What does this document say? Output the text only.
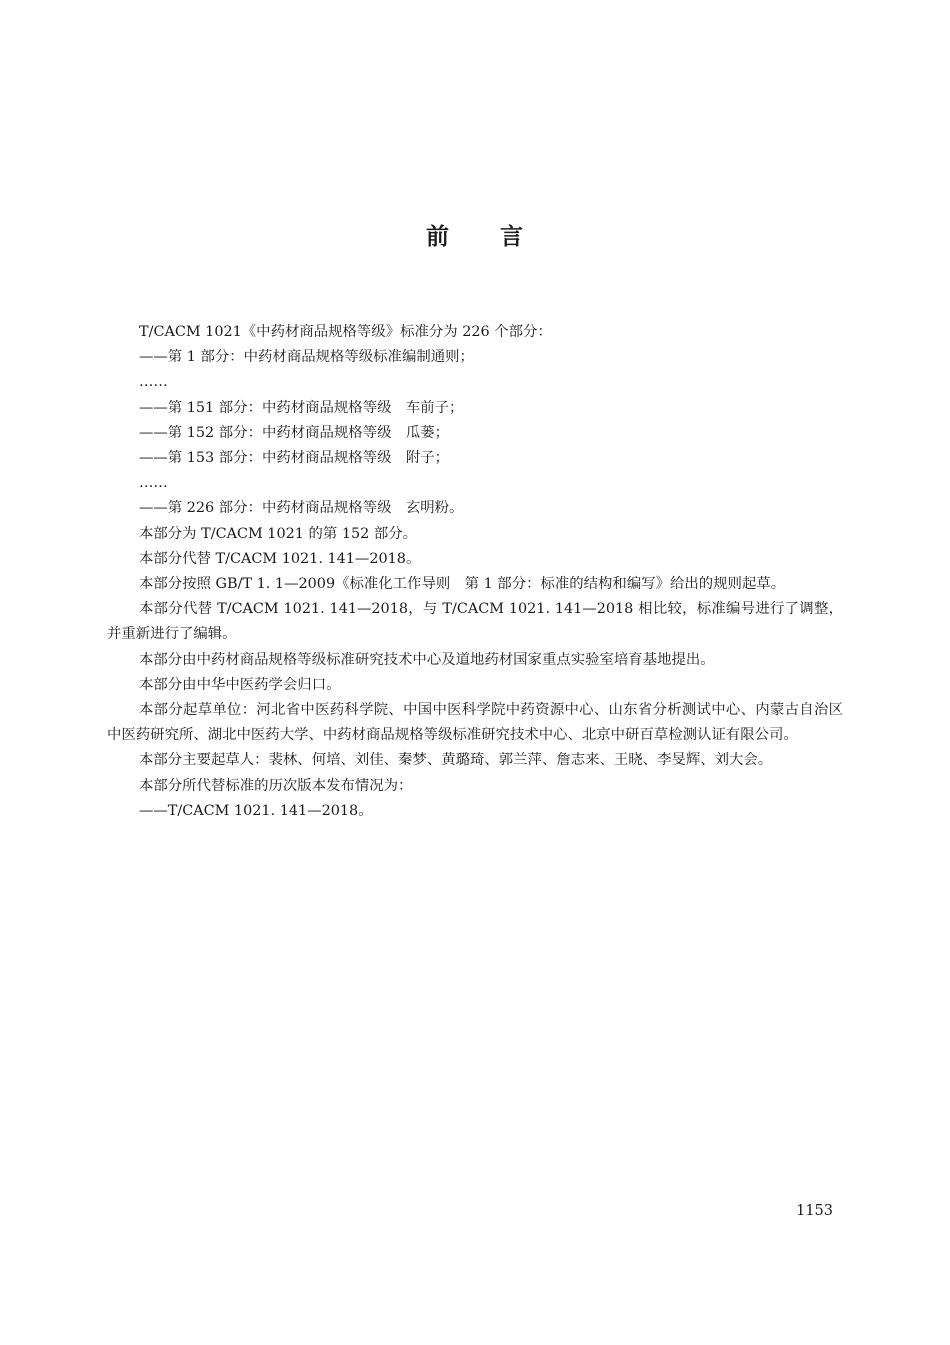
前 言
T/CACM 1021《中药材商品规格等级》标准分为 226 个部分：
——第 1 部分：中药材商品规格等级标准编制通则；
……
——第 151 部分：中药材商品规格等级　车前子；
——第 152 部分：中药材商品规格等级　瓜蒌；
——第 153 部分：中药材商品规格等级　附子；
……
——第 226 部分：中药材商品规格等级　玄明粉。
本部分为 T/CACM 1021 的第 152 部分。
本部分代替 T/CACM 1021. 141—2018。
本部分按照 GB/T 1. 1—2009《标准化工作导则　第 1 部分：标准的结构和编写》给出的规则起草。
本部分代替 T/CACM 1021. 141—2018，与 T/CACM 1021. 141—2018 相比较，标准编号进行了调整，并重新进行了编辑。
本部分由中药材商品规格等级标准研究技术中心及道地药材国家重点实验室培育基地提出。
本部分由中华中医药学会归口。
本部分起草单位：河北省中医药科学院、中国中医科学院中药资源中心、山东省分析测试中心、内蒙古自治区中医药研究所、湖北中医药大学、中药材商品规格等级标准研究技术中心、北京中研百草检测认证有限公司。
本部分主要起草人：裴林、何培、刘佳、秦梦、黄璐琦、郭兰萍、詹志来、王晓、李旻辉、刘大会。
本部分所代替标准的历次版本发布情况为：
——T/CACM 1021. 141—2018。
1153
